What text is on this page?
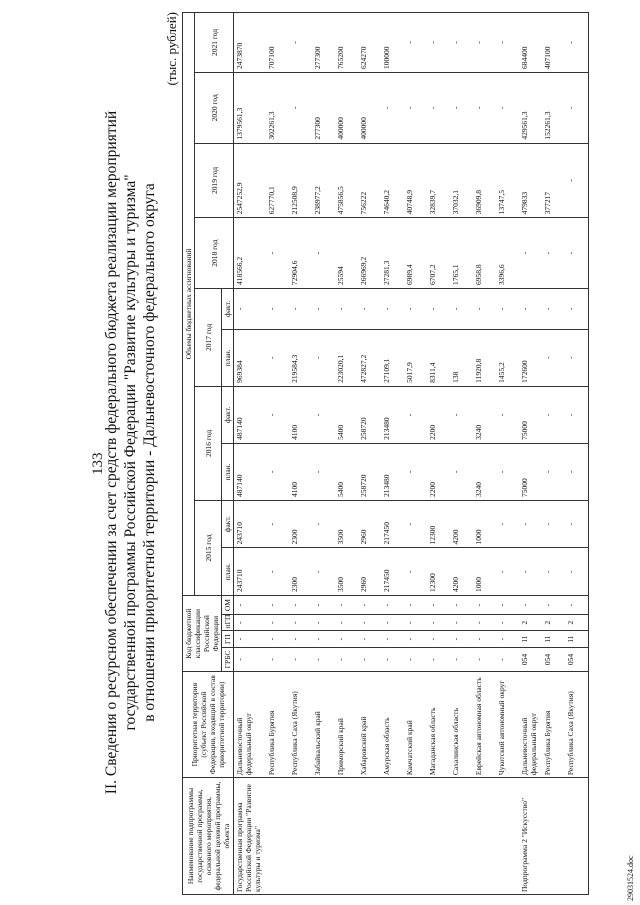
133
II. Сведения о ресурсном обеспечении за счет средств федерального бюджета реализации мероприятий государственной программы Российской Федерации "Развитие культуры и туризма" в отношении приоритетной территории - Дальневосточного федерального округа
(тыс. рублей)
Наименование подпрограммы государственной программы, основного мероприятия, федеральной целевой программы, объекта	Приоритетная территория (субъект Российской Федерации, входящий в состав приоритетной территории)	Код бюджетной классификации Российской Федерации				Объемы бюджетных ассигнований									
						2015 год		2016 год		2017 год		2018 год	2019 год	2020 год	2021 год
		ГРБС	ГП	пГП	ОМ	план.	факт.	план.	факт.	план.	факт.				
Государственная программа Российской Федерации "Развитие культуры и туризма"	Дальневосточный федеральный округ	-	-	-	-	243710	243710	487140	487140	969384	-	418566,2	2547252,9	1379561,3	2473870
	Республика Бурятия	-	-	-	-	-	-	-	-	-	-	-	627770,1	302261,3	707100
	Республика Саха (Якутия)	-	-	-	-	2300	2300	4100	4100	219584,3	-	72904,6	212508,9	-	-
	Забайкальский край	-	-	-	-	-	-	-	-	-	-	-	238977,2	277300	277300
	Приморский край	-	-	-	-	3500	3500	5400	5400	223020,1	-	25594	475856,5	400000	765200
	Хабаровский край	-	-	-	-	2960	2960	258720	258720	472827,2	-	266969,2	756222	400000	624270
	Амурская область	-	-	-	-	217450	217450	213480	213480	27109,1	-	27281,3	74640,2	-	100000
	Камчатский край	-	-	-	-	-	-	-	-	5017,9	-	6989,4	40748,9	-	-
	Магаданская область	-	-	-	-	12300	12300	2200	2200	8311,4	-	6707,2	32839,7	-	-
	Сахалинская область	-	-	-	-	4200	4200	-	-	138	-	1765,1	37032,1	-	-
	Еврейская автономная область	-	-	-	-	1000	1000	3240	3240	11920,8	-	6958,8	36909,8	-	-
	Чукотский автономный округ	-	-	-	-	-	-	-	-	1455,2	-	3396,6	13747,5	-	-
Подпрограмма 2 "Искусство"	Дальневосточный федеральный округ	054	11	2	-	-	-	75000	75000	172600	-	-	479833	429561,3	684400
	Республика Бурятия	054	11	2	-	-	-	-	-	-	-	-	377217	152261,3	407100
	Республика Саха (Якутия)	054	11	2	-	-	-	-	-	-	-	-	-	-	-
29031524.doc
